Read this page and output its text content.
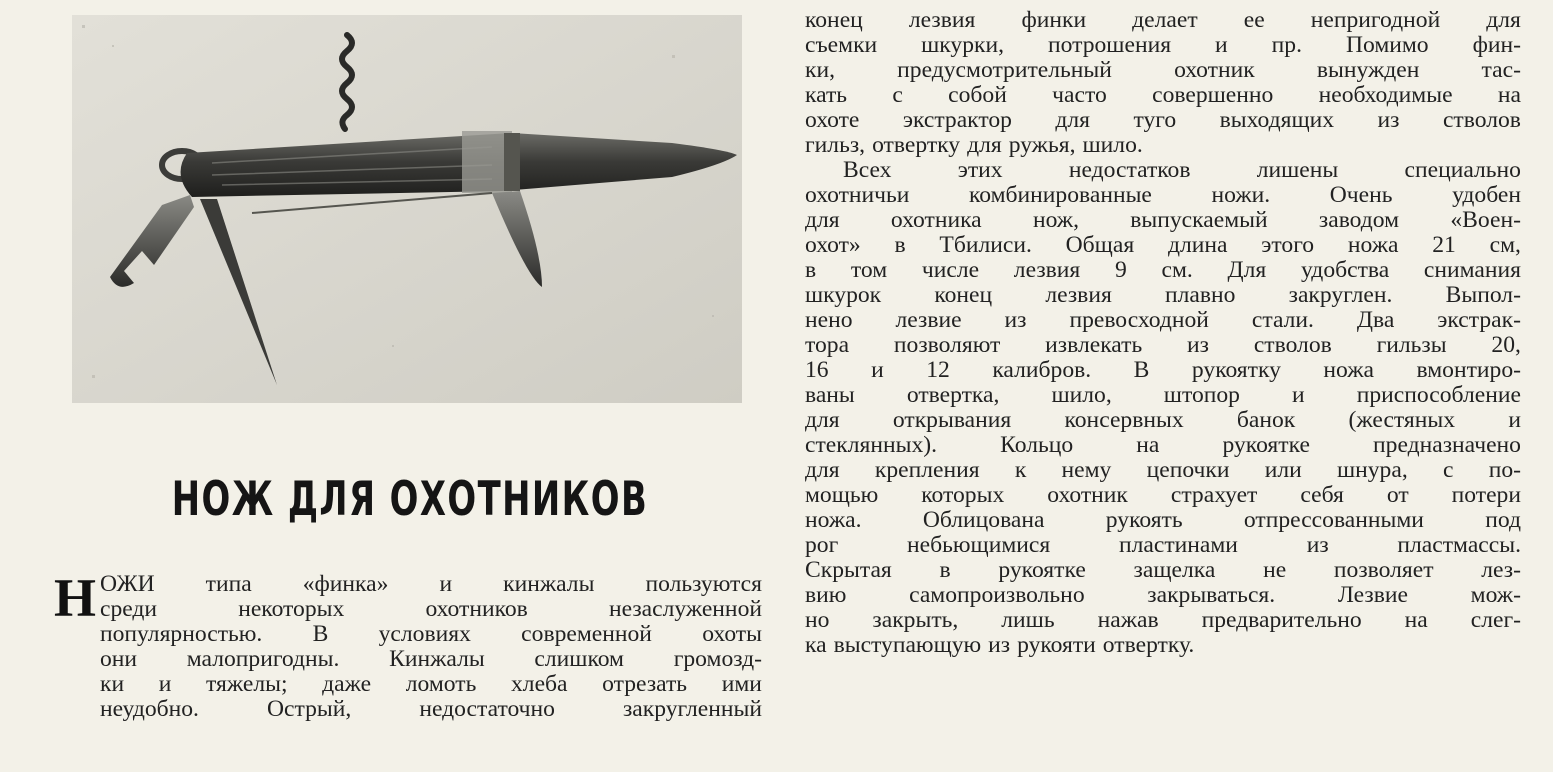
НОЖ ДЛЯ ОХОТНИКОВ
Н ОЖИ типа «финка» и кинжалы пользуются
среди	некоторых	охотников	незаслуженной
популярностью. В условиях современной охоты
они малопригодны. Кинжалы слишком громозд-
ки и тяжелы; даже ломоть хлеба отрезать ими
неудобно.	Острый,	недостаточно	закругленный
конец лезвия финки делает ее непригодной для
съемки шкурки, потрошения и пр. Помимо фин-
ки,	предусмотрительный	охотник	вынужден	тас-
кать с собой часто совершенно необходимые на
охоте экстрактор для туго выходящих из стволов
гильз, отвертку для ружья, шило.
Всех	этих	недостатков	лишены	специально
охотничьи	комбинированные	ножи.	Очень	удобен
для охотника нож, выпускаемый заводом «Воен-
охот» в Тбилиси. Общая длина этого ножа 21 см,
в том числе лезвия 9 см. Для удобства снимания
шкурок конец лезвия плавно закруглен. Выпол-
нено лезвие из превосходной стали. Два экстрак-
тора позволяют извлекать из стволов гильзы 20,
16 и 12 калибров. В рукоятку ножа вмонтиро-
ваны отвертка, шило, штопор и приспособление
для открывания консервных банок (жестяных и
стеклянных).	Кольцо	на	рукоятке	предназначено
для крепления к нему цепочки или шнура, с по-
мощью которых охотник страхует себя от потери
ножа.	Облицована	рукоять	отпрессованными	под
рог	небьющимися	пластинами	из	пластмассы.
Скрытая в рукоятке защелка не позволяет лез-
вию	самопроизвольно	закрываться.	Лезвие	мож-
но закрыть, лишь нажав предварительно на слег-
ка выступающую из рукояти отвертку.
